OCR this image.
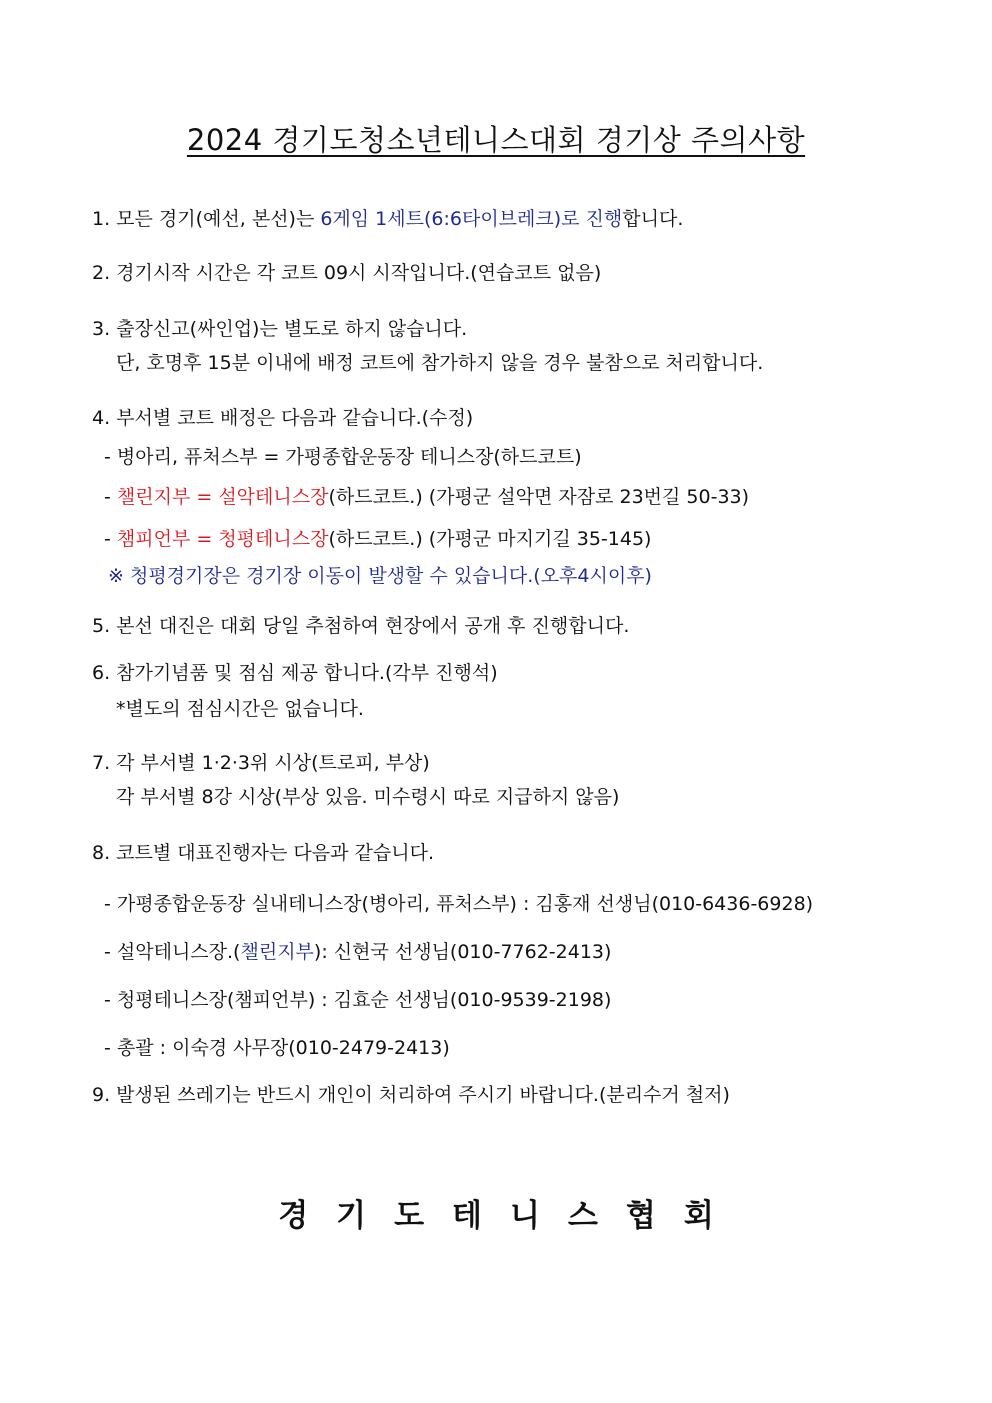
2024 경기도청소년테니스대회 경기상 주의사항
1. 모든 경기(예선, 본선)는 6게임 1세트(6:6타이브레크)로 진행합니다.
2. 경기시작 시간은 각 코트 09시 시작입니다.(연습코트 없음)
3. 출장신고(싸인업)는 별도로 하지 않습니다.
단, 호명후 15분 이내에 배정 코트에 참가하지 않을 경우 불참으로 처리합니다.
4. 부서별 코트 배정은 다음과 같습니다.(수정)
- 병아리, 퓨처스부 = 가평종합운동장 테니스장(하드코트)
- 챌린지부 = 설악테니스장(하드코트.) (가평군 설악면 자잠로 23번길 50-33)
- 챔피언부 = 청평테니스장(하드코트.) (가평군 마지기길 35-145)
※ 청평경기장은 경기장 이동이 발생할 수 있습니다.(오후4시이후)
5. 본선 대진은 대회 당일 추첨하여 현장에서 공개 후 진행합니다.
6. 참가기념품 및 점심 제공 합니다.(각부 진행석)
*별도의 점심시간은 없습니다.
7. 각 부서별 1·2·3위 시상(트로피, 부상)
각 부서별 8강 시상(부상 있음. 미수령시 따로 지급하지 않음)
8. 코트별 대표진행자는 다음과 같습니다.
- 가평종합운동장 실내테니스장(병아리, 퓨처스부) : 김홍재 선생님(010-6436-6928)
- 설악테니스장.(챌린지부): 신현국 선생님(010-7762-2413)
- 청평테니스장(챔피언부) : 김효순 선생님(010-9539-2198)
- 총괄 : 이숙경 사무장(010-2479-2413)
9. 발생된 쓰레기는 반드시 개인이 처리하여 주시기 바랍니다.(분리수거 철저)
경기도테니스협회
